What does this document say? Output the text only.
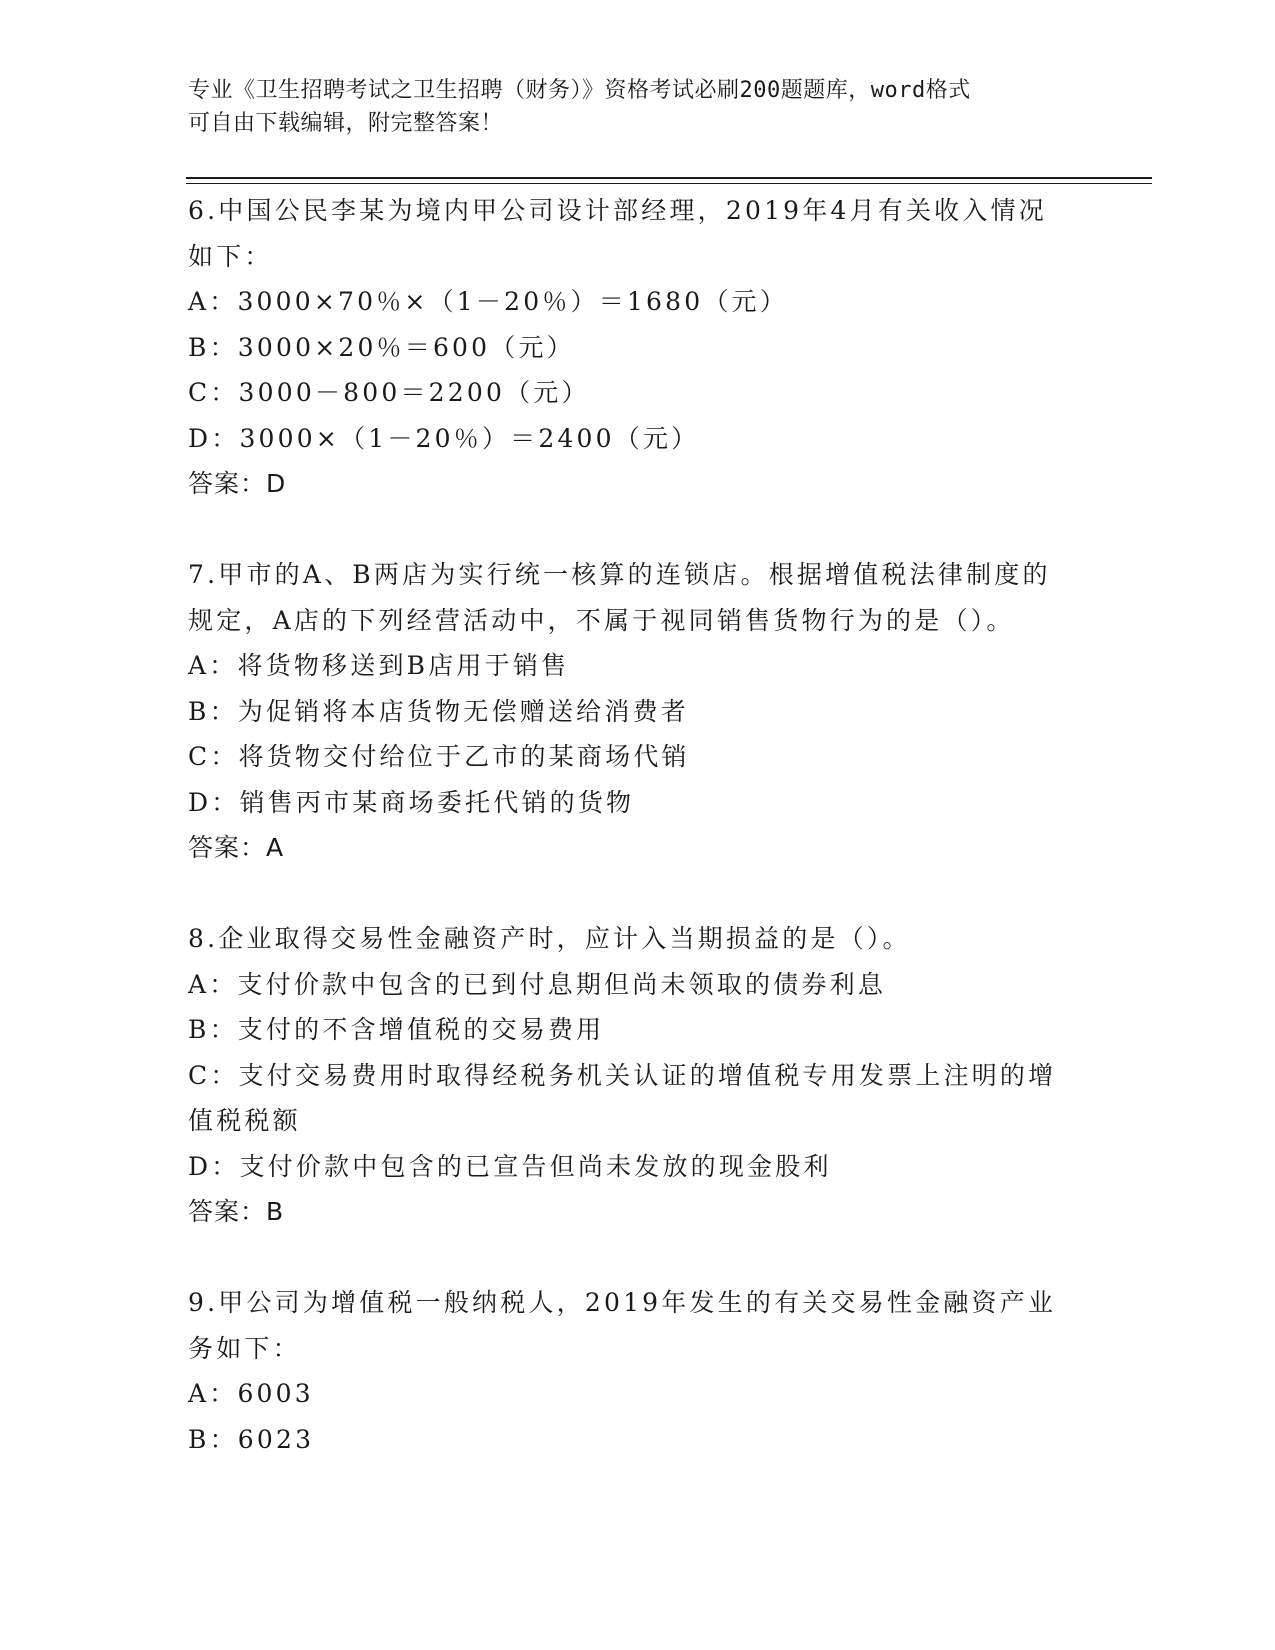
专业《卫生招聘考试之卫生招聘（财务）》资格考试必刷200题题库，word格式
可自由下载编辑，附完整答案！
6.中国公民李某为境内甲公司设计部经理，2019年4月有关收入情况
如下：
A：3000×70％×（1－20％）＝1680（元）
B：3000×20％＝600（元）
C：3000－800＝2200（元）
D：3000×（1－20％）＝2400（元）
答案：D
7.甲市的A、B两店为实行统一核算的连锁店。根据增值税法律制度的
规定，A店的下列经营活动中，不属于视同销售货物行为的是（）。
A：将货物移送到B店用于销售
B：为促销将本店货物无偿赠送给消费者
C：将货物交付给位于乙市的某商场代销
D：销售丙市某商场委托代销的货物
答案：A
8.企业取得交易性金融资产时，应计入当期损益的是（）。
A：支付价款中包含的已到付息期但尚未领取的债券利息
B：支付的不含增值税的交易费用
C：支付交易费用时取得经税务机关认证的增值税专用发票上注明的增
值税税额
D：支付价款中包含的已宣告但尚未发放的现金股利
答案：B
9.甲公司为增值税一般纳税人，2019年发生的有关交易性金融资产业
务如下：
A：6003
B：6023
